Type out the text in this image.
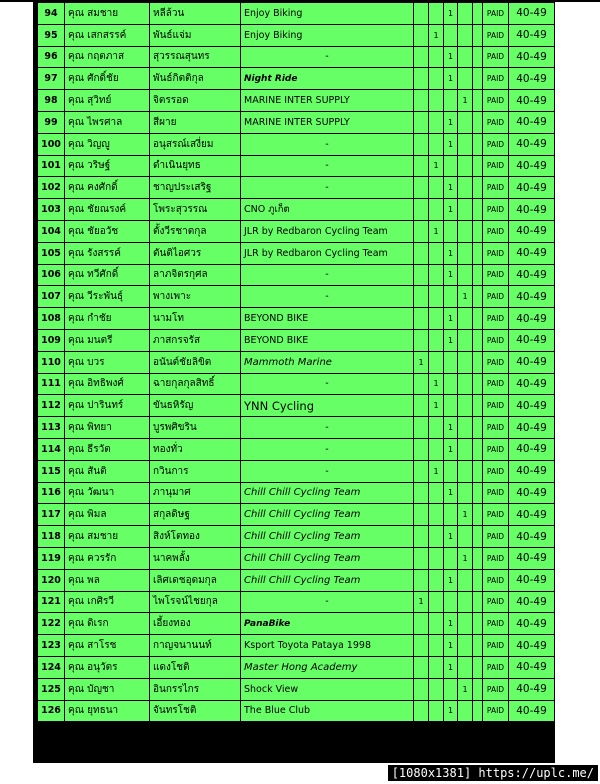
94	คุณ สมชาย	หลีล้วน	Enjoy Biking			1			PAID	40-49
95	คุณ เสกสรรค์	พันธ์แจ่ม	Enjoy Biking		1				PAID	40-49
96	คุณ กฤตภาส	สุวรรณสุนทร	-			1			PAID	40-49
97	คุณ ศักดิ์ชัย	พันธ์กิตติกุล	Night Ride			1			PAID	40-49
98	คุณ สุวิทย์	จิตรรอด	MARINE INTER SUPPLY				1		PAID	40-49
99	คุณ ไพรศาล	สีผาย	MARINE INTER SUPPLY			1			PAID	40-49
100	คุณ วิญญู	อนุสรณ์เสงี่ยม	-			1			PAID	40-49
101	คุณ วริษฐ์	ดำเนินยุทธ	-		1				PAID	40-49
102	คุณ คงศักดิ์	ชาญประเสริฐ	-			1			PAID	40-49
103	คุณ ชัยณรงค์	โพระสุวรรณ	CNO ภูเก็ต			1			PAID	40-49
104	คุณ ชัยอวัช	ตั้งวีรชาตกุล	JLR by Redbaron Cycling Team		1				PAID	40-49
105	คุณ รังสรรค์	ตันติไอศวร	JLR by Redbaron Cycling Team			1			PAID	40-49
106	คุณ ทวีศักดิ์	ลาภจิตรกุศล	-			1			PAID	40-49
107	คุณ วีระพันธุ์	พางเพาะ	-				1		PAID	40-49
108	คุณ กำชัย	นามโท	BEYOND BIKE			1			PAID	40-49
109	คุณ มนตรี	ภาสกรจรัส	BEYOND BIKE			1			PAID	40-49
110	คุณ บวร	อนันต์ชัยลิขิต	Mammoth Marine	1					PAID	40-49
111	คุณ อิทธิพงศ์	ฉายกุลกุลสิทธิ์	-		1				PAID	40-49
112	คุณ ปารินทร์	ขันธหิรัญ	YNN Cycling		1				PAID	40-49
113	คุณ พิทยา	บูรพศิขริน	-			1			PAID	40-49
114	คุณ ธีรวัต	ทองทั่ว	-			1			PAID	40-49
115	คุณ สันติ	กวินการ	-		1				PAID	40-49
116	คุณ วัฒนา	ภานุมาศ	Chill Chill Cycling Team			1			PAID	40-49
117	คุณ พิมล	สกุลดิษฐ	Chill Chill Cycling Team				1		PAID	40-49
118	คุณ สมชาย	สิงห์โตทอง	Chill Chill Cycling Team			1			PAID	40-49
119	คุณ ควรรัก	นาคพลั้ง	Chill Chill Cycling Team				1		PAID	40-49
120	คุณ พล	เลิศเดชอุดมกุล	Chill Chill Cycling Team			1			PAID	40-49
121	คุณ เกศิรวี	ไพโรจน์ไชยกุล	-	1					PAID	40-49
122	คุณ ดิเรก	เอี้ยงทอง	PanaBike			1			PAID	40-49
123	คุณ สาโรช	กาญจนานนท์	Ksport Toyota Pataya 1998			1			PAID	40-49
124	คุณ อนุวัตร	แดงโชติ	Master Hong Academy			1			PAID	40-49
125	คุณ บัญชา	อินกรรไกร	Shock View				1		PAID	40-49
126	คุณ ยุทธนา	จันทรโชติ	The Blue Club			1			PAID	40-49
[1080x1381] https://uplc.me/
